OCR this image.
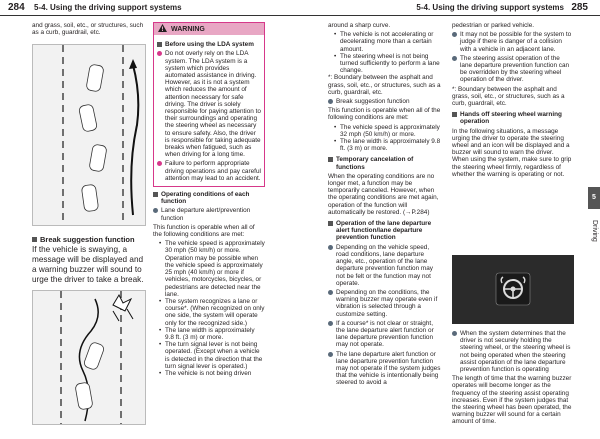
284 5-4. Using the driving support systems

and grass, soil, etc., or structures, such as a curb, guardrail, etc.

Break suggestion function

If the vehicle is swaying, a message will be displayed and a warning buzzer will sound to urge the driver to take a break.

WARNING
Before using the LDA system
Do not overly rely on the LDA system. The LDA system is a system which provides automated assistance in driving. However, as it is not a system which reduces the amount of attention necessary for safe driving. The driver is solely responsible for paying attention to their surroundings and operating the steering wheel as necessary to ensure safety. Also, the driver is responsible for taking adequate breaks when fatigued, such as when driving for a long time.
Failure to perform appropriate driving operations and pay careful attention may lead to an accident.
Operating conditions of each function
Lane departure alert/prevention function

This function is operable when all of the following conditions are met:

• The vehicle speed is approximately 30 mph (50 km/h) or more. Operation may be possible when the vehicle speed is approximately 25 mph (40 km/h) or more if vehicles, motorcycles, bicycles, or pedestrians are detected near the lane.
• The system recognizes a lane or course*. (When recognized on only one side, the system will operate only for the recognized side.)
• The lane width is approximately 9.8 ft. (3 m) or more.
• The turn signal lever is not being operated. (Except when a vehicle is detected in the direction that the turn signal lever is operated.)
• The vehicle is not being driven
5-4. Using the driving support systems 285

around a sharp curve.

• The vehicle is not accelerating or decelerating more than a certain amount.
• The steering wheel is not being turned sufficiently to perform a lane change.

*: Boundary between the asphalt and grass, soil, etc., or structures, such as a curb, guardrail, etc.

Break suggestion function

This function is operable when all of the following conditions are met:

• The vehicle speed is approximately 32 mph (50 km/h) or more.
• The lane width is approximately 9.8 ft. (3 m) or more.
Temporary cancelation of functions

When the operating conditions are no longer met, a function may be temporarily canceled. However, when the operating conditions are met again, operation of the function will automatically be restored. (→P.284)

Operation of the lane departure alert function/lane departure prevention function
Depending on the vehicle speed, road conditions, lane departure angle, etc., operation of the lane departure prevention function may not be felt or the function may not operate.
Depending on the conditions, the warning buzzer may operate even if vibration is selected through a customize setting.
If a course* is not clear or straight, the lane departure alert function or lane departure prevention function may not operate.
The lane departure alert function or lane departure prevention function may not operate if the system judges that the vehicle is intentionally being steered to avoid a

pedestrian or parked vehicle.

It may not be possible for the system to judge if there is danger of a collision with a vehicle in an adjacent lane.
The steering assist operation of the lane departure prevention function can be overridden by the steering wheel operation of the driver.

*: Boundary between the asphalt and grass, soil, etc., or structures, such as a curb, guardrail, etc.

Hands off steering wheel warning operation

In the following situations, a message urging the driver to operate the steering wheel and an icon will be displayed and a buzzer will sound to warn the driver. When using the system, make sure to grip the steering wheel firmly, regardless of whether the warning is operating or not.

When the system determines that the driver is not securely holding the steering wheel, or the steering wheel is not being operated when the steering assist operation of the lane departure prevention function is operating

The length of time that the warning buzzer operates will become longer as the frequency of the steering assist operating increases. Even if the system judges that the steering wheel has been operated, the warning buzzer will sound for a certain amount of time.

5
Driving
